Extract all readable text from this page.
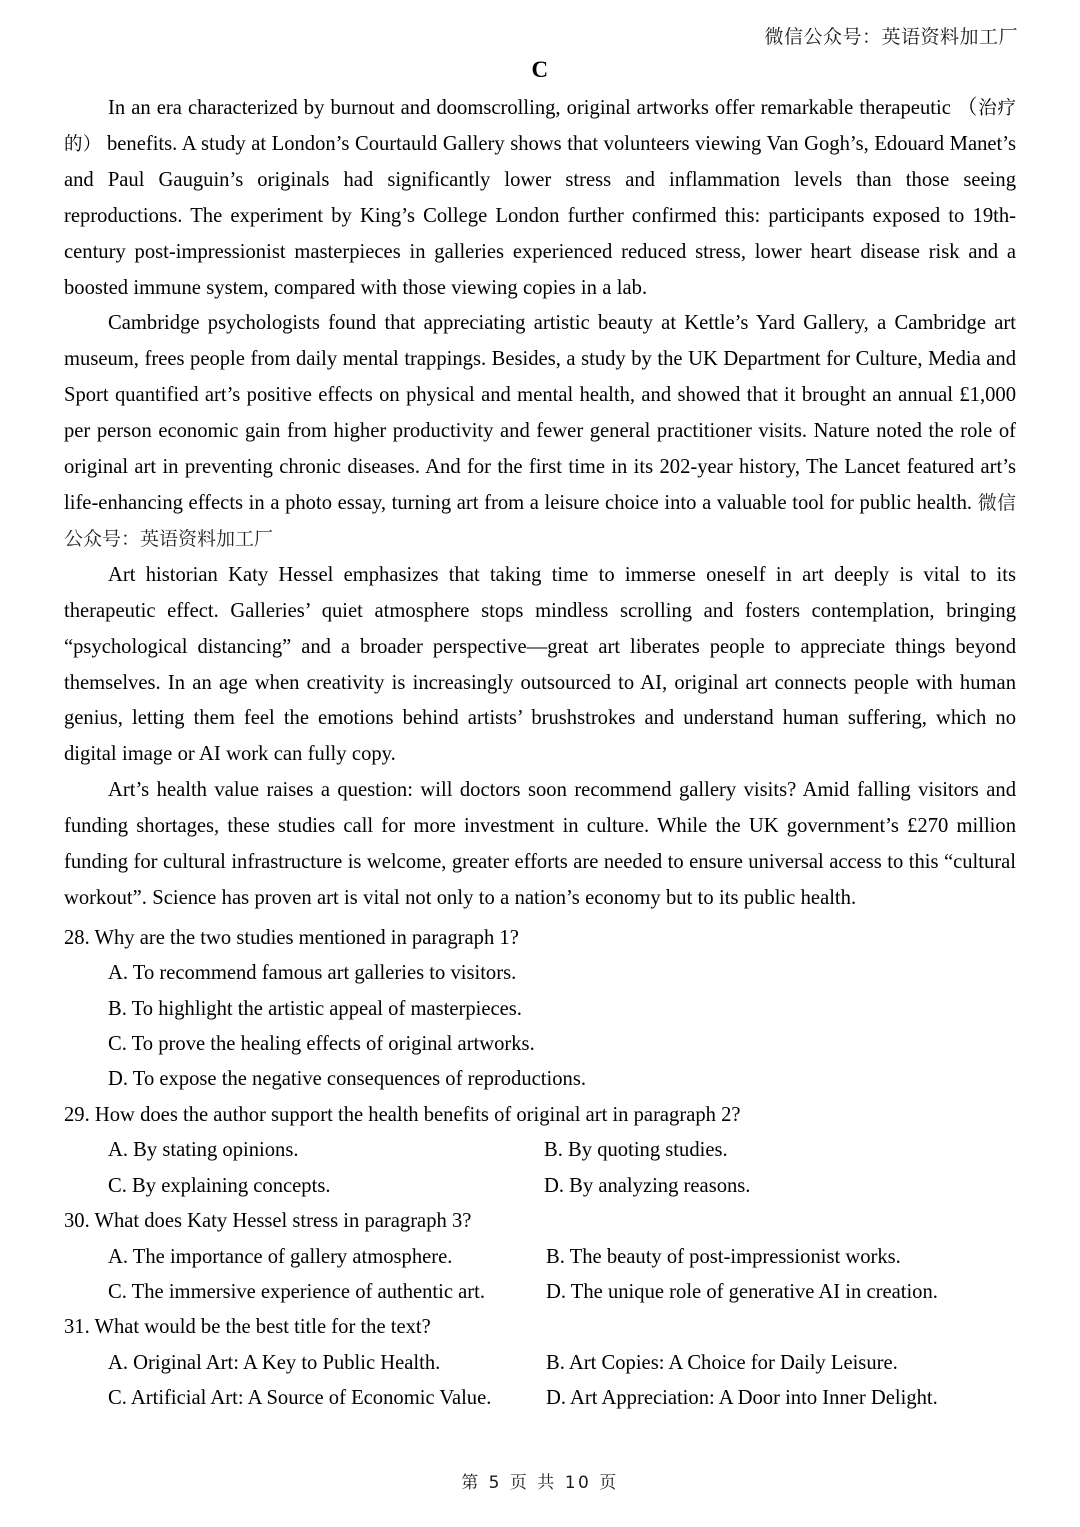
微信公众号：英语资料加工厂
C

In an era characterized by burnout and doomscrolling, original artworks offer remarkable therapeutic （治疗的） benefits. A study at London’s Courtauld Gallery shows that volunteers viewing Van Gogh’s, Edouard Manet’s and Paul Gauguin’s originals had significantly lower stress and inflammation levels than those seeing reproductions. The experiment by King’s College London further confirmed this: participants exposed to 19th-century post-impressionist masterpieces in galleries experienced reduced stress, lower heart disease risk and a boosted immune system, compared with those viewing copies in a lab.

Cambridge psychologists found that appreciating artistic beauty at Kettle’s Yard Gallery, a Cambridge art museum, frees people from daily mental trappings. Besides, a study by the UK Department for Culture, Media and Sport quantified art’s positive effects on physical and mental health, and showed that it brought an annual £1,000 per person economic gain from higher productivity and fewer general practitioner visits. Nature noted the role of original art in preventing chronic diseases. And for the first time in its 202-year history, The Lancet featured art’s life-enhancing effects in a photo essay, turning art from a leisure choice into a valuable tool for public health. 微信公众号：英语资料加工厂

Art historian Katy Hessel emphasizes that taking time to immerse oneself in art deeply is vital to its therapeutic effect. Galleries’ quiet atmosphere stops mindless scrolling and fosters contemplation, bringing “psychological distancing” and a broader perspective—great art liberates people to appreciate things beyond themselves. In an age when creativity is increasingly outsourced to AI, original art connects people with human genius, letting them feel the emotions behind artists’ brushstrokes and understand human suffering, which no digital image or AI work can fully copy.

Art’s health value raises a question: will doctors soon recommend gallery visits? Amid falling visitors and funding shortages, these studies call for more investment in culture. While the UK government’s £270 million funding for cultural infrastructure is welcome, greater efforts are needed to ensure universal access to this “cultural workout”. Science has proven art is vital not only to a nation’s economy but to its public health.

28. Why are the two studies mentioned in paragraph 1?
A. To recommend famous art galleries to visitors.
B. To highlight the artistic appeal of masterpieces.
C. To prove the healing effects of original artworks.
D. To expose the negative consequences of reproductions.
29. How does the author support the health benefits of original art in paragraph 2?
A. By stating opinions.	B. By quoting studies.
C. By explaining concepts.	D. By analyzing reasons.
30. What does Katy Hessel stress in paragraph 3?
A. The importance of gallery atmosphere.	B. The beauty of post-impressionist works.
C. The immersive experience of authentic art.	D. The unique role of generative AI in creation.
31. What would be the best title for the text?
A. Original Art: A Key to Public Health.	B. Art Copies: A Choice for Daily Leisure.
C. Artificial Art: A Source of Economic Value.	D. Art Appreciation: A Door into Inner Delight.
第 5 页 共 10 页
